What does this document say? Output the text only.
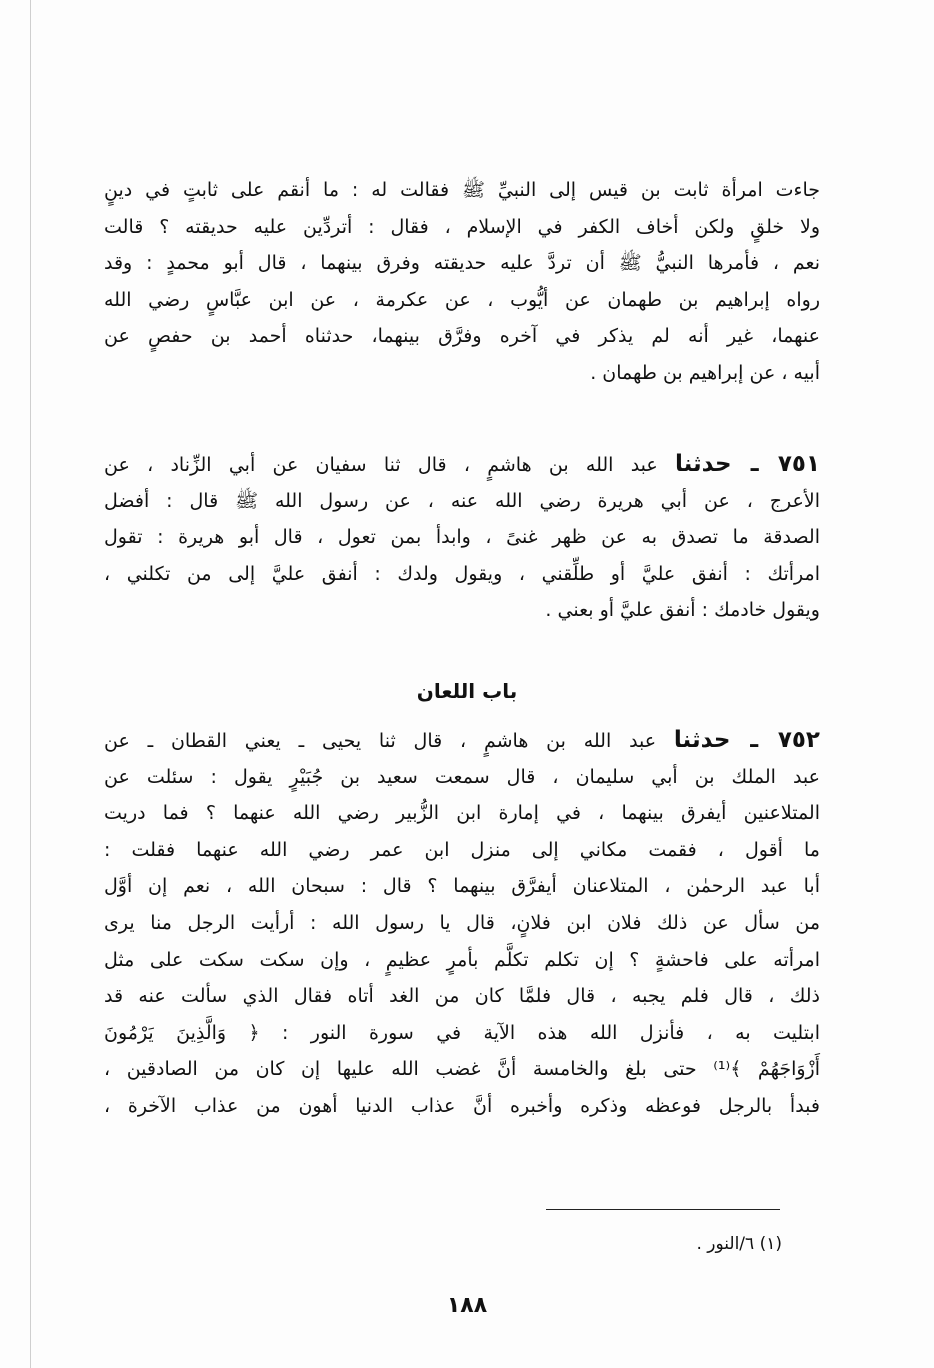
جاءت امرأة ثابت بن قيس إلى النبيِّ ﷺ فقالت له : ما أنقم على ثابتٍ في دينٍ
ولا خلقٍ ولكن أخاف الكفر في الإسلام ، فقال : أتردِّين عليه حديقته ؟ قالت
نعم ، فأمرها النبيُّ ﷺ أن تردَّ عليه حديقته وفرق بينهما ، قال أبو محمدٍ : وقد
رواه إبراهيم بن طهمان عن أيُّوب ، عن عكرمة ، عن ابن عبَّاسٍ رضي الله
عنهما، غير أنه لم يذكر في آخره وفرَّق بينهما، حدثناه أحمد بن حفصٍ عن
أبيه ، عن إبراهيم بن طهمان .
٧٥١ ـ حدثنا عبد الله بن هاشمٍ ، قال ثنا سفيان عن أبي الزِّناد ، عن
الأعرج ، عن أبي هريرة رضي الله عنه ، عن رسول الله ﷺ قال : أفضل
الصدقة ما تصدق به عن ظهر غنىً ، وابدأ بمن تعول ، قال أبو هريرة : تقول
امرأتك : أنفق عليَّ أو طلِّقني ، ويقول ولدك : أنفق عليَّ إلى من تكلني ،
ويقول خادمك : أنفق عليَّ أو بعني .
باب اللعان
٧٥٢ ـ حدثنا عبد الله بن هاشمٍ ، قال ثنا يحيى ـ يعني القطان ـ عن
عبد الملك بن أبي سليمان ، قال سمعت سعيد بن جُبَيْرٍ يقول : سئلت عن
المتلاعنين أيفرق بينهما ، في إمارة ابن الزُّبير رضي الله عنهما ؟ فما دريت
ما أقول ، فقمت مكاني إلى منزل ابن عمر رضي الله عنهما فقلت :
أبا عبد الرحمٰن ، المتلاعنان أيفرَّق بينهما ؟ قال : سبحان الله ، نعم إن أوَّل
من سأل عن ذلك فلان ابن فلانٍ، قال يا رسول الله : أرأيت الرجل منا يرى
امرأته على فاحشةٍ ؟ إن تكلم تكلَّم بأمرٍ عظيمٍ ، وإن سكت سكت على مثل
ذلك ، قال فلم يجبه ، قال فلمَّا كان من الغد أتاه فقال الذي سألت عنه قد
ابتليت به ، فأنزل الله هذه الآية في سورة النور : ﴿ وَالَّذِينَ يَرْمُونَ
أَزْوَاجَهُمْ ﴾⁽¹⁾ حتى بلغ والخامسة أنَّ غضب الله عليها إن كان من الصادقين ،
فبدأ بالرجل فوعظه وذكره وأخبره أنَّ عذاب الدنيا أهون من عذاب الآخرة ،
(١) ٦/النور .
١٨٨
